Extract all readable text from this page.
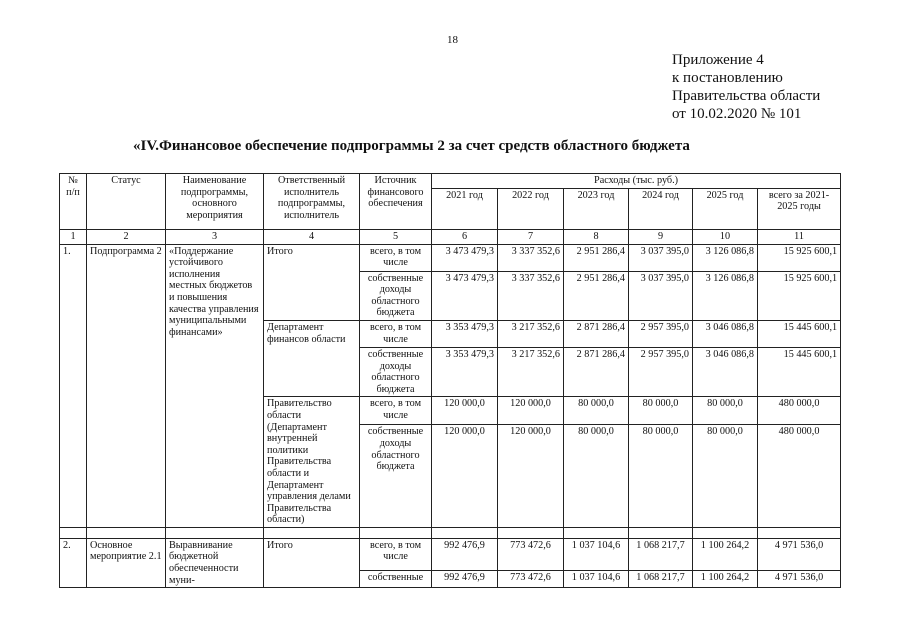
18
Приложение 4
к постановлению
Правительства области
от 10.02.2020 № 101
«IV.Финансовое обеспечение подпрограммы 2 за счет средств областного бюджета
№ п/п	Статус	Наименование подпрограммы, основного мероприятия	Ответственный исполнитель подпрограммы, исполнитель	Источник финансового обеспечения	Расходы (тыс. руб.)					
					2021 год	2022 год	2023 год	2024 год	2025 год	всего за 2021-2025 годы
1	2	3	4	5	6	7	8	9	10	11
1.	Подпрограмма 2	«Поддержание устойчивого исполнения местных бюджетов и повышения качества управления муниципальными финансами»	Итого	всего, в том числе	3 473 479,3	3 337 352,6	2 951 286,4	3 037 395,0	3 126 086,8	15 925 600,1
				собственные доходы областного бюджета	3 473 479,3	3 337 352,6	2 951 286,4	3 037 395,0	3 126 086,8	15 925 600,1
			Департамент финансов области	всего, в том числе	3 353 479,3	3 217 352,6	2 871 286,4	2 957 395,0	3 046 086,8	15 445 600,1
				собственные доходы областного бюджета	3 353 479,3	3 217 352,6	2 871 286,4	2 957 395,0	3 046 086,8	15 445 600,1
			Правительство области (Департамент внутренней политики Правительства области и Департамент управления делами Правительства области)	всего, в том числе	120 000,0	120 000,0	80 000,0	80 000,0	80 000,0	480 000,0
				собственные доходы областного бюджета	120 000,0	120 000,0	80 000,0	80 000,0	80 000,0	480 000,0

2.	Основное мероприятие 2.1	Выравнивание бюджетной обеспеченности муни-	Итого	всего, в том числе	992 476,9	773 472,6	1 037 104,6	1 068 217,7	1 100 264,2	4 971 536,0
				собственные	992 476,9	773 472,6	1 037 104,6	1 068 217,7	1 100 264,2	4 971 536,0
